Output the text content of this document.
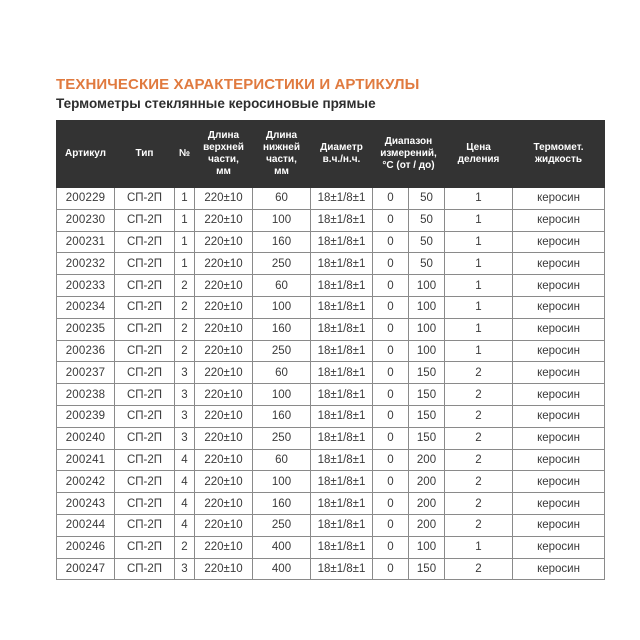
ТЕХНИЧЕСКИЕ ХАРАКТЕРИСТИКИ И АРТИКУЛЫ
Термометры стеклянные керосиновые прямые
Артикул	Тип	№	Длина
верхней
части,
мм	Длина
нижней
части,
мм	Диаметр
в.ч./н.ч.	Диапазон
измерений,
°С (от / до)		Цена
деления	Термомет.
жидкость
200229	СП-2П	1	220±10	60	18±1/8±1	0	50	1	керосин
200230	СП-2П	1	220±10	100	18±1/8±1	0	50	1	керосин
200231	СП-2П	1	220±10	160	18±1/8±1	0	50	1	керосин
200232	СП-2П	1	220±10	250	18±1/8±1	0	50	1	керосин
200233	СП-2П	2	220±10	60	18±1/8±1	0	100	1	керосин
200234	СП-2П	2	220±10	100	18±1/8±1	0	100	1	керосин
200235	СП-2П	2	220±10	160	18±1/8±1	0	100	1	керосин
200236	СП-2П	2	220±10	250	18±1/8±1	0	100	1	керосин
200237	СП-2П	3	220±10	60	18±1/8±1	0	150	2	керосин
200238	СП-2П	3	220±10	100	18±1/8±1	0	150	2	керосин
200239	СП-2П	3	220±10	160	18±1/8±1	0	150	2	керосин
200240	СП-2П	3	220±10	250	18±1/8±1	0	150	2	керосин
200241	СП-2П	4	220±10	60	18±1/8±1	0	200	2	керосин
200242	СП-2П	4	220±10	100	18±1/8±1	0	200	2	керосин
200243	СП-2П	4	220±10	160	18±1/8±1	0	200	2	керосин
200244	СП-2П	4	220±10	250	18±1/8±1	0	200	2	керосин
200246	СП-2П	2	220±10	400	18±1/8±1	0	100	1	керосин
200247	СП-2П	3	220±10	400	18±1/8±1	0	150	2	керосин
